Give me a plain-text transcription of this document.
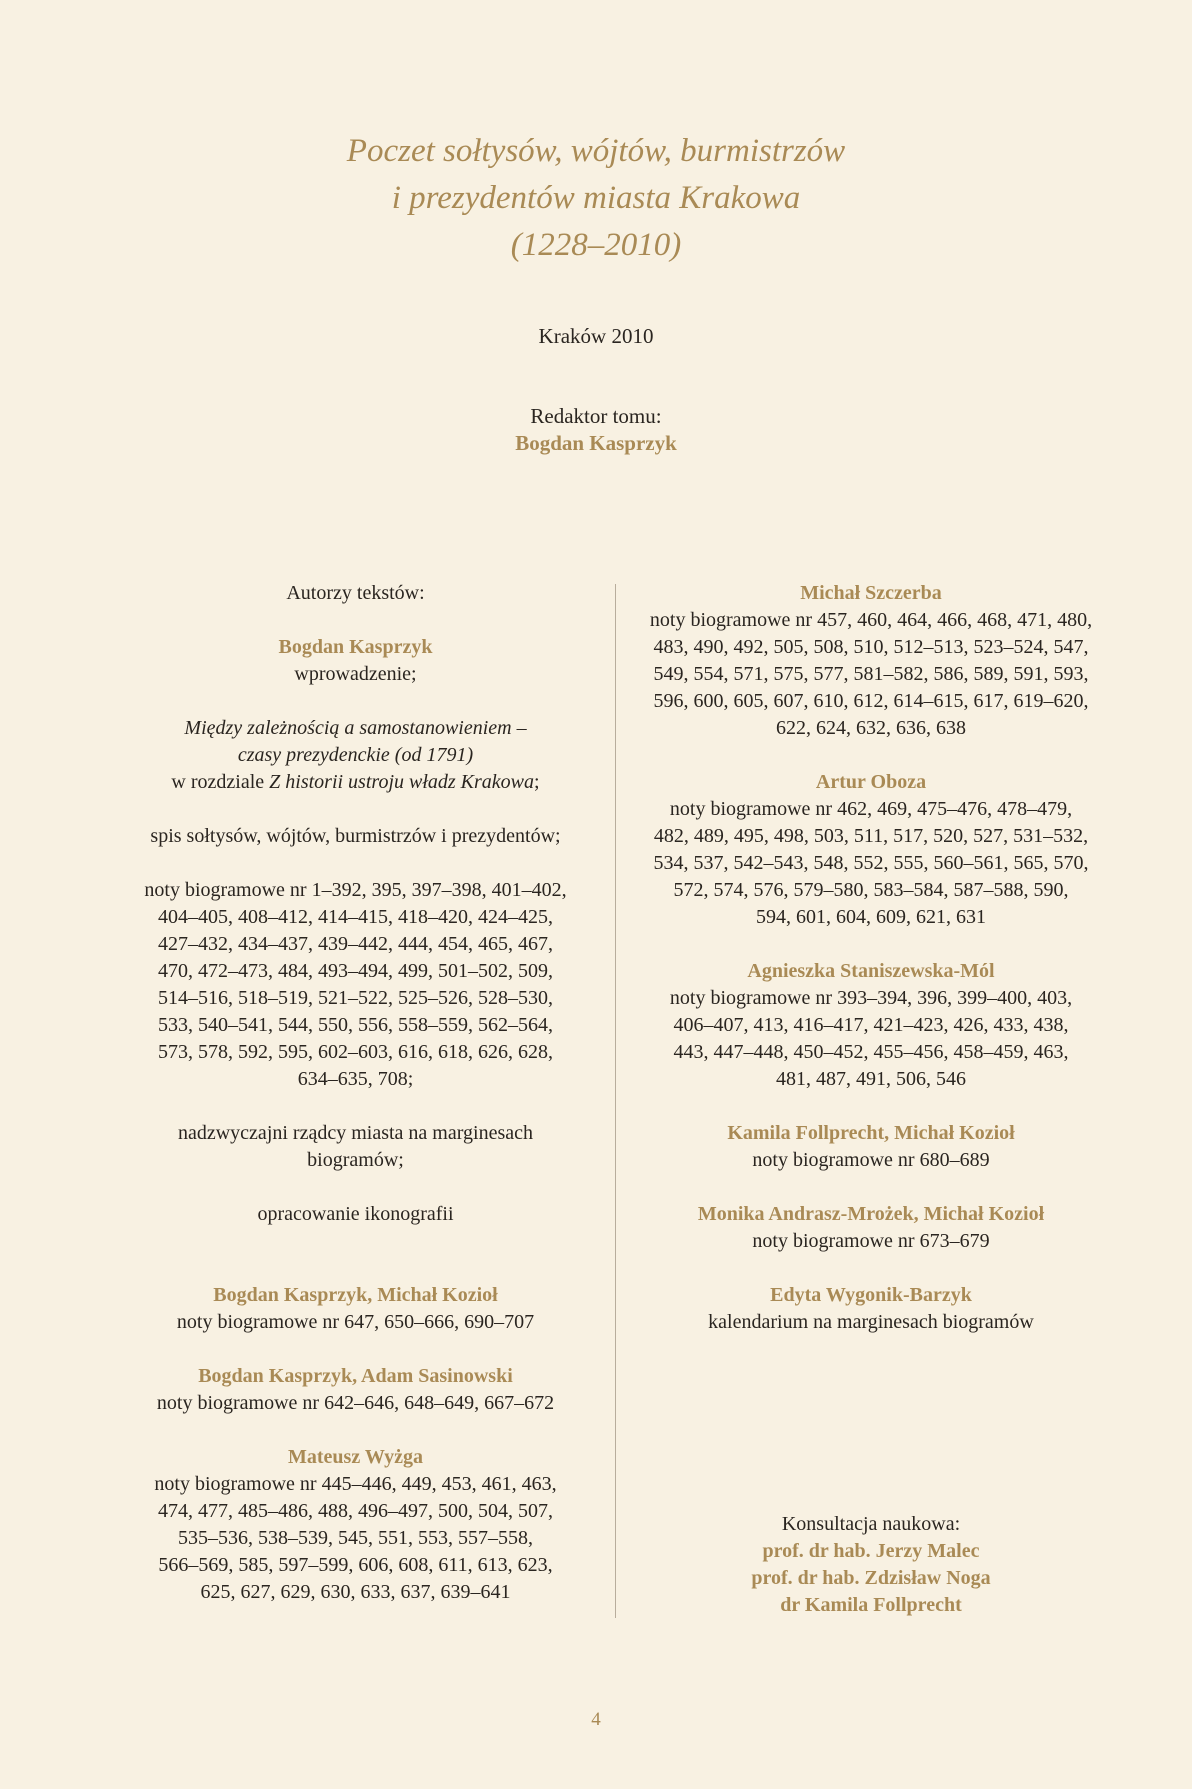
Poczet sołtysów, wójtów, burmistrzów
i prezydentów miasta Krakowa
(1228–2010)
Kraków 2010
Redaktor tomu:
Bogdan Kasprzyk
Autorzy tekstów:
Bogdan Kasprzyk
wprowadzenie;
Między zależnością a samostanowieniem –
czasy prezydenckie (od 1791)
w rozdziale Z historii ustroju władz Krakowa;
spis sołtysów, wójtów, burmistrzów i prezydentów;
noty biogramowe nr 1–392, 395, 397–398, 401–402,
404–405, 408–412, 414–415, 418–420, 424–425,
427–432, 434–437, 439–442, 444, 454, 465, 467,
470, 472–473, 484, 493–494, 499, 501–502, 509,
514–516, 518–519, 521–522, 525–526, 528–530,
533, 540–541, 544, 550, 556, 558–559, 562–564,
573, 578, 592, 595, 602–603, 616, 618, 626, 628,
634–635, 708;
nadzwyczajni rządcy miasta na marginesach
biogramów;
opracowanie ikonografii
Bogdan Kasprzyk, Michał Kozioł
noty biogramowe nr 647, 650–666, 690–707
Bogdan Kasprzyk, Adam Sasinowski
noty biogramowe nr 642–646, 648–649, 667–672
Mateusz Wyżga
noty biogramowe nr 445–446, 449, 453, 461, 463,
474, 477, 485–486, 488, 496–497, 500, 504, 507,
535–536, 538–539, 545, 551, 553, 557–558,
566–569, 585, 597–599, 606, 608, 611, 613, 623,
625, 627, 629, 630, 633, 637, 639–641
Michał Szczerba
noty biogramowe nr 457, 460, 464, 466, 468, 471, 480,
483, 490, 492, 505, 508, 510, 512–513, 523–524, 547,
549, 554, 571, 575, 577, 581–582, 586, 589, 591, 593,
596, 600, 605, 607, 610, 612, 614–615, 617, 619–620,
622, 624, 632, 636, 638
Artur Oboza
noty biogramowe nr 462, 469, 475–476, 478–479,
482, 489, 495, 498, 503, 511, 517, 520, 527, 531–532,
534, 537, 542–543, 548, 552, 555, 560–561, 565, 570,
572, 574, 576, 579–580, 583–584, 587–588, 590,
594, 601, 604, 609, 621, 631
Agnieszka Staniszewska-Mól
noty biogramowe nr 393–394, 396, 399–400, 403,
406–407, 413, 416–417, 421–423, 426, 433, 438,
443, 447–448, 450–452, 455–456, 458–459, 463,
481, 487, 491, 506, 546
Kamila Follprecht, Michał Kozioł
noty biogramowe nr 680–689
Monika Andrasz-Mrożek, Michał Kozioł
noty biogramowe nr 673–679
Edyta Wygonik-Barzyk
kalendarium na marginesach biogramów
Konsultacja naukowa:
prof. dr hab. Jerzy Malec
prof. dr hab. Zdzisław Noga
dr Kamila Follprecht
4
